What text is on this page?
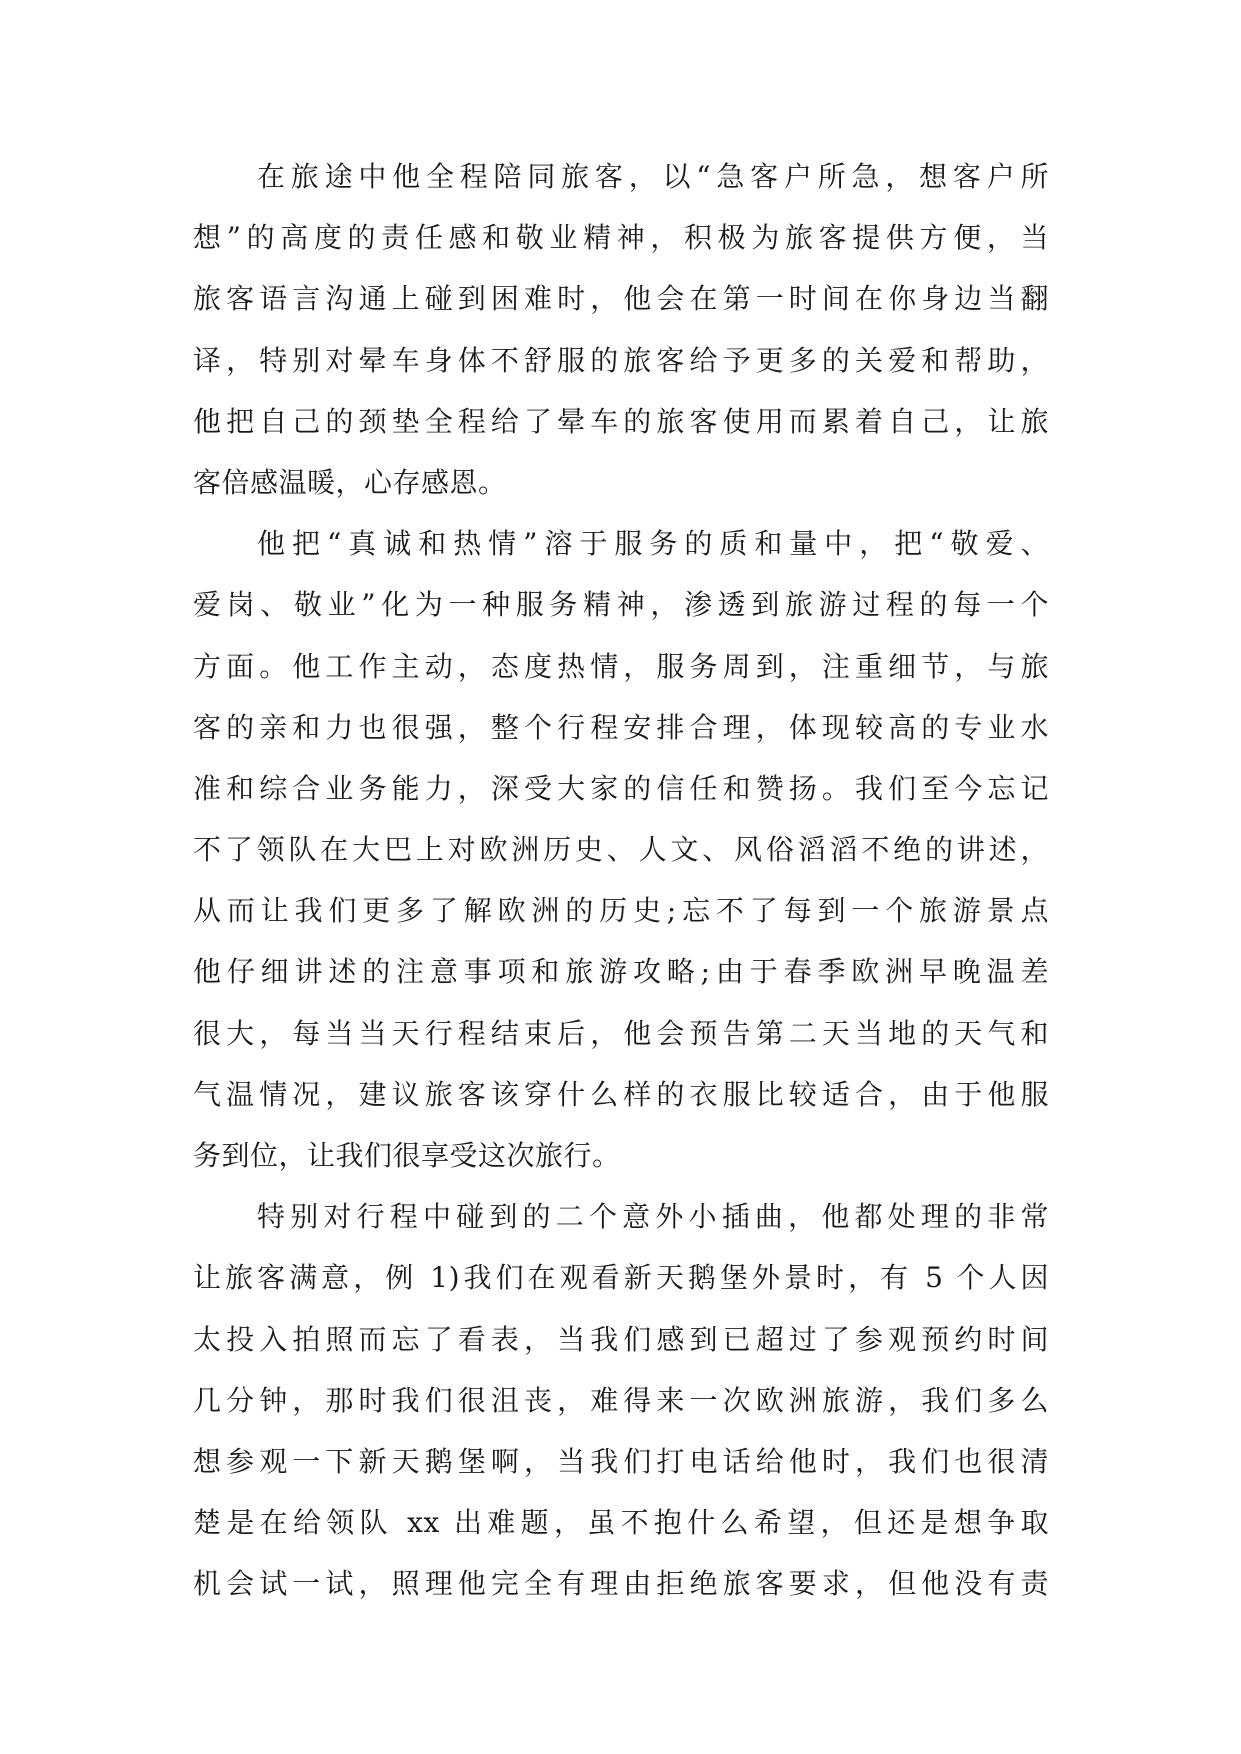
在旅途中他全程陪同旅客，以“急客户所急，想客户所
想”的高度的责任感和敬业精神，积极为旅客提供方便，当
旅客语言沟通上碰到困难时，他会在第一时间在你身边当翻
译，特别对晕车身体不舒服的旅客给予更多的关爱和帮助，
他把自己的颈垫全程给了晕车的旅客使用而累着自己，让旅
客倍感温暖，心存感恩。
他把“真诚和热情”溶于服务的质和量中，把“敬爱、
爱岗、敬业”化为一种服务精神，渗透到旅游过程的每一个
方面。他工作主动，态度热情，服务周到，注重细节，与旅
客的亲和力也很强，整个行程安排合理，体现较高的专业水
准和综合业务能力，深受大家的信任和赞扬。我们至今忘记
不了领队在大巴上对欧洲历史、人文、风俗滔滔不绝的讲述，
从而让我们更多了解欧洲的历史;忘不了每到一个旅游景点
他仔细讲述的注意事项和旅游攻略;由于春季欧洲早晚温差
很大，每当当天行程结束后，他会预告第二天当地的天气和
气温情况，建议旅客该穿什么样的衣服比较适合，由于他服
务到位，让我们很享受这次旅行。
特别对行程中碰到的二个意外小插曲，他都处理的非常
让旅客满意，例 1)我们在观看新天鹅堡外景时，有 5 个人因
太投入拍照而忘了看表，当我们感到已超过了参观预约时间
几分钟，那时我们很沮丧，难得来一次欧洲旅游，我们多么
想参观一下新天鹅堡啊，当我们打电话给他时，我们也很清
楚是在给领队 xx 出难题，虽不抱什么希望，但还是想争取
机会试一试，照理他完全有理由拒绝旅客要求，但他没有责
